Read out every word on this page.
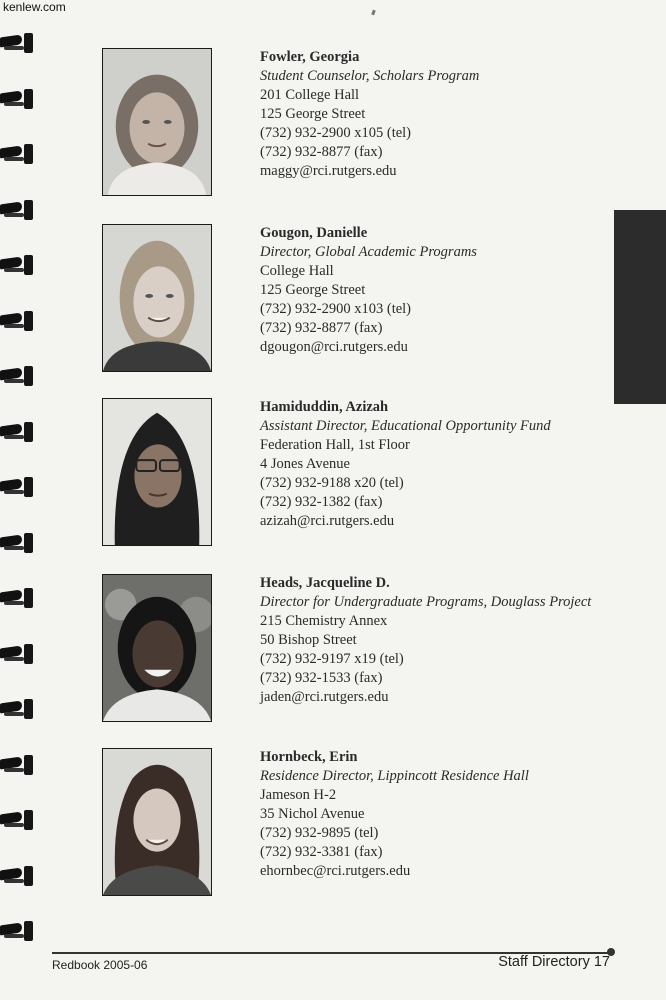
kenlew.com
Fowler, Georgia
Student Counselor, Scholars Program
201 College Hall
125 George Street
(732) 932-2900 x105 (tel)
(732) 932-8877 (fax)
maggy@rci.rutgers.edu
Gougon, Danielle
Director, Global Academic Programs
College Hall
125 George Street
(732) 932-2900 x103 (tel)
(732) 932-8877 (fax)
dgougon@rci.rutgers.edu
Hamiduddin, Azizah
Assistant Director, Educational Opportunity Fund
Federation Hall, 1st Floor
4 Jones Avenue
(732) 932-9188 x20 (tel)
(732) 932-1382 (fax)
azizah@rci.rutgers.edu
Heads, Jacqueline D.
Director for Undergraduate Programs, Douglass Project
215 Chemistry Annex
50 Bishop Street
(732) 932-9197 x19 (tel)
(732) 932-1533 (fax)
jaden@rci.rutgers.edu
Hornbeck, Erin
Residence Director, Lippincott Residence Hall
Jameson H-2
35 Nichol Avenue
(732) 932-9895 (tel)
(732) 932-3381 (fax)
ehornbec@rci.rutgers.edu
Redbook 2005-06	Staff Directory 17
